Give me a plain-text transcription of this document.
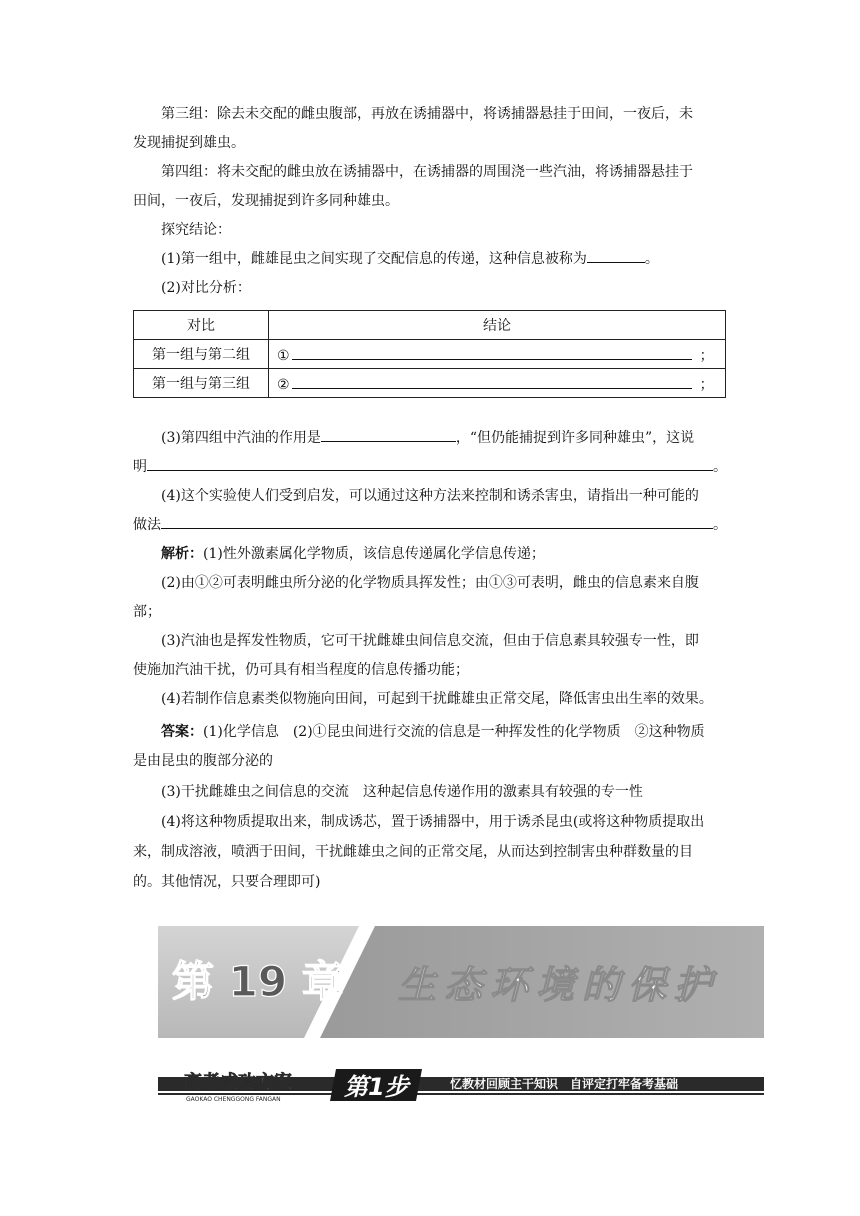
第三组：除去未交配的雌虫腹部，再放在诱捕器中，将诱捕器悬挂于田间，一夜后，未

发现捕捉到雄虫。

第四组：将未交配的雌虫放在诱捕器中，在诱捕器的周围浇一些汽油，将诱捕器悬挂于

田间，一夜后，发现捕捉到许多同种雄虫。

探究结论：

(1)第一组中，雌雄昆虫之间实现了交配信息的传递，这种信息被称为	。

(2)对比分析：

对比	结论
第一组与第二组	① ；
第一组与第三组	② ；

(3)第四组中汽油的作用是	，“但仍能捕捉到许多同种雄虫”，这说

明	。

(4)这个实验使人们受到启发，可以通过这种方法来控制和诱杀害虫，请指出一种可能的

做法	。

解析：(1)性外激素属化学物质，该信息传递属化学信息传递；

(2)由①②可表明雌虫所分泌的化学物质具挥发性；由①③可表明，雌虫的信息素来自腹

部；

(3)汽油也是挥发性物质，它可干扰雌雄虫间信息交流，但由于信息素具较强专一性，即

使施加汽油干扰，仍可具有相当程度的信息传播功能；

(4)若制作信息素类似物施向田间，可起到干扰雌雄虫正常交尾，降低害虫出生率的效果。

答案：(1)化学信息　(2)①昆虫间进行交流的信息是一种挥发性的化学物质　②这种物质

是由昆虫的腹部分泌的

(3)干扰雌雄虫之间信息的交流　这种起信息传递作用的激素具有较强的专一性

(4)将这种物质提取出来，制成诱芯，置于诱捕器中，用于诱杀昆虫(或将这种物质提取出

来，制成溶液，喷洒于田间，干扰雌雄虫之间的正常交尾，从而达到控制害虫种群数量的目

的。其他情况，只要合理即可)

第 19 章 生态环境的保护
高考成功方案
GAOKAO CHENGGONG FANGAN	第1步	忆教材回顾主干知识　自评定打牢备考基础
